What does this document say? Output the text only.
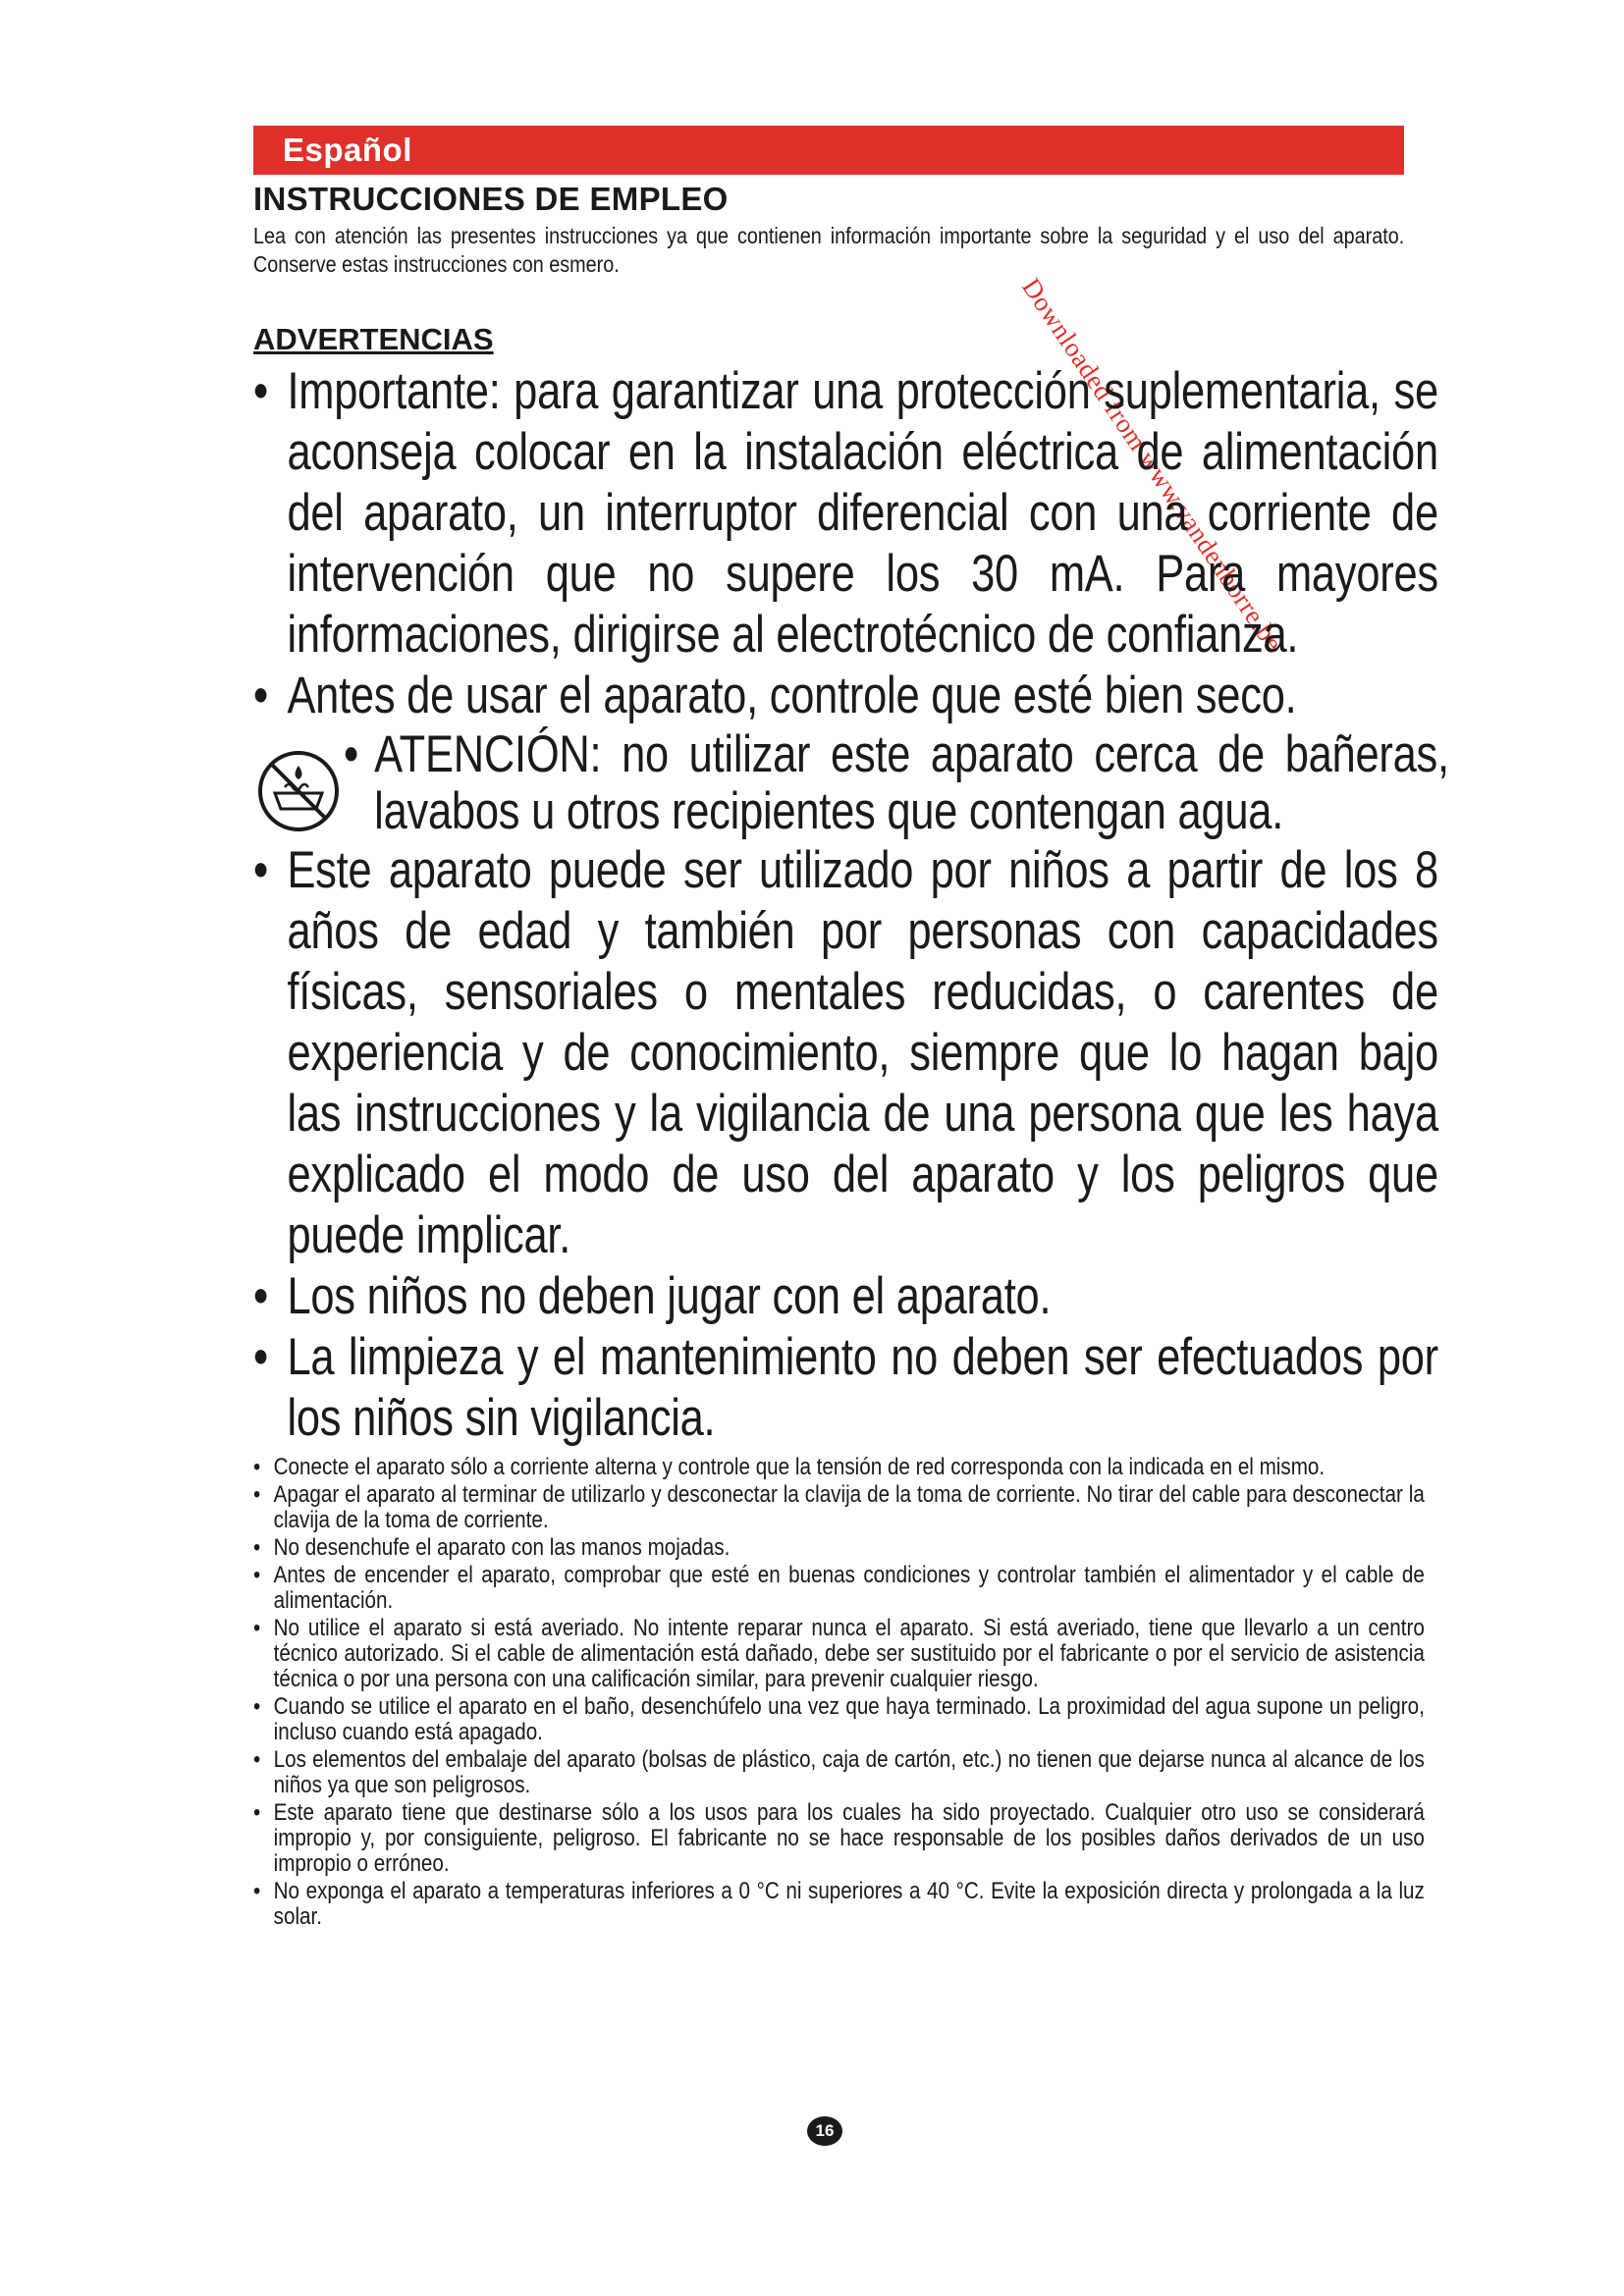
Downloaded from www.vandenborre.be
Español
INSTRUCCIONES DE EMPLEO
Lea con atención las presentes instrucciones ya que contienen información importante sobre la seguridad y el uso del aparato. Conserve estas instrucciones con esmero.
ADVERTENCIAS
• Importante: para garantizar una protección suplementaria, se aconseja colocar en la instalación eléctrica de alimentación del aparato, un interruptor diferencial con una corriente de intervención que no supere los 30 mA. Para mayores informaciones, dirigirse al electrotécnico de confianza.
• Antes de usar el aparato, controle que esté bien seco.
• ATENCIÓN: no utilizar este aparato cerca de bañeras, lavabos u otros recipientes que contengan agua.
• Este aparato puede ser utilizado por niños a partir de los 8 años de edad y también por personas con capacidades físicas, sensoriales o mentales reducidas, o carentes de experiencia y de conocimiento, siempre que lo hagan bajo las instrucciones y la vigilancia de una persona que les haya explicado el modo de uso del aparato y los peligros que puede implicar.
• Los niños no deben jugar con el aparato.
• La limpieza y el mantenimiento no deben ser efectuados por los niños sin vigilancia.
• Conecte el aparato sólo a corriente alterna y controle que la tensión de red corresponda con la indicada en el mismo.
• Apagar el aparato al terminar de utilizarlo y desconectar la clavija de la toma de corriente. No tirar del cable para desconectar la clavija de la toma de corriente.
• No desenchufe el aparato con las manos mojadas.
• Antes de encender el aparato, comprobar que esté en buenas condiciones y controlar también el alimentador y el cable de alimentación.
• No utilice el aparato si está averiado. No intente reparar nunca el aparato. Si está averiado, tiene que llevarlo a un centro técnico autorizado. Si el cable de alimentación está dañado, debe ser sustituido por el fabricante o por el servicio de asistencia técnica o por una persona con una calificación similar, para prevenir cualquier riesgo.
• Cuando se utilice el aparato en el baño, desenchúfelo una vez que haya terminado. La proximidad del agua supone un peligro, incluso cuando está apagado.
• Los elementos del embalaje del aparato (bolsas de plástico, caja de cartón, etc.) no tienen que dejarse nunca al alcance de los niños ya que son peligrosos.
• Este aparato tiene que destinarse sólo a los usos para los cuales ha sido proyectado. Cualquier otro uso se considerará impropio y, por consiguiente, peligroso. El fabricante no se hace responsable de los posibles daños derivados de un uso impropio o erróneo.
• No exponga el aparato a temperaturas inferiores a 0 °C ni superiores a 40 °C. Evite la exposición directa y prolongada a la luz solar.
16
